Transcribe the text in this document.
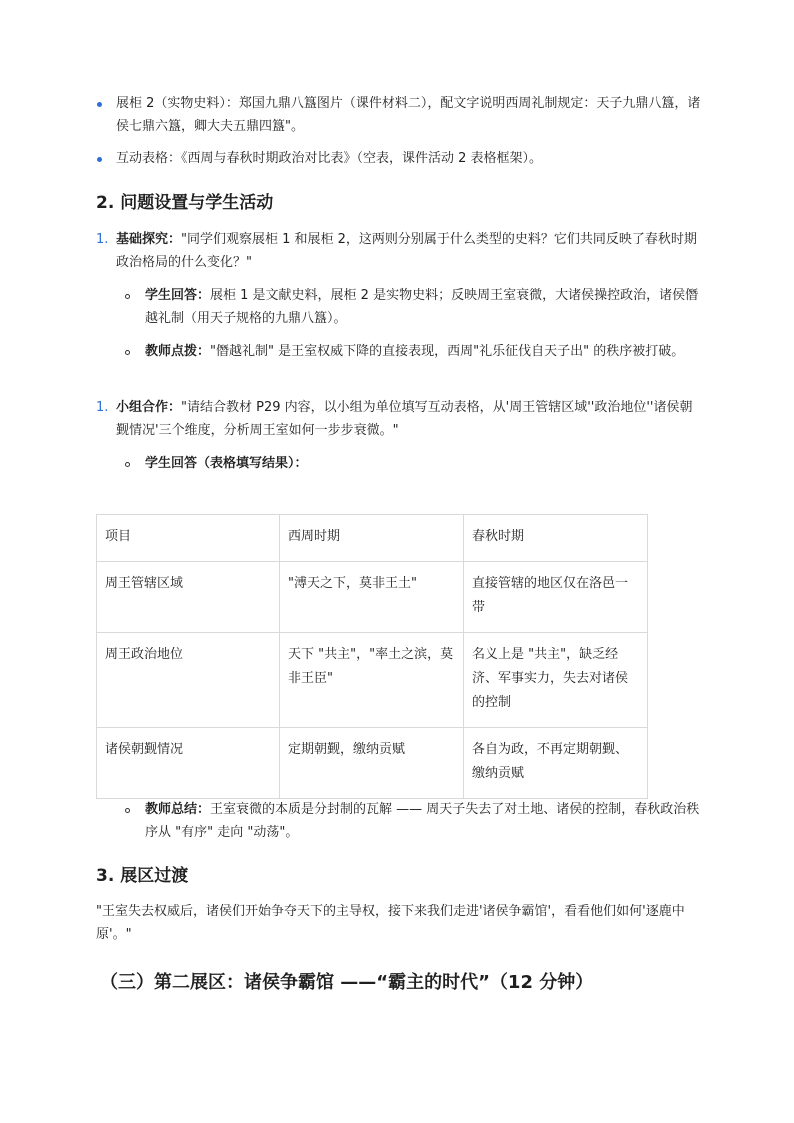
展柜 2（实物史料）：郑国九鼎八簋图片（课件材料二），配文字说明西周礼制规定：天子九鼎八簋，诸侯七鼎六簋，卿大夫五鼎四簋"。
互动表格：《西周与春秋时期政治对比表》（空表，课件活动 2 表格框架）。
2. 问题设置与学生活动
1. 基础探究："同学们观察展柜 1 和展柜 2，这两则分别属于什么类型的史料？它们共同反映了春秋时期政治格局的什么变化？"
学生回答：展柜 1 是文献史料，展柜 2 是实物史料；反映周王室衰微，大诸侯操控政治，诸侯僭越礼制（用天子规格的九鼎八簋）。
教师点拨："僭越礼制" 是王室权威下降的直接表现，西周"礼乐征伐自天子出" 的秩序被打破。
1. 小组合作："请结合教材 P29 内容，以小组为单位填写互动表格，从'周王管辖区域''政治地位''诸侯朝觐情况'三个维度，分析周王室如何一步步衰微。"
学生回答（表格填写结果）：
项目	西周时期	春秋时期
周王管辖区域	"溥天之下，莫非王土"	直接管辖的地区仅在洛邑一带
周王政治地位	天下 "共主"，"率土之滨，莫非王臣"	名义上是 "共主"，缺乏经济、军事实力，失去对诸侯的控制
诸侯朝觐情况	定期朝觐，缴纳贡赋	各自为政，不再定期朝觐、缴纳贡赋
教师总结：王室衰微的本质是分封制的瓦解 —— 周天子失去了对土地、诸侯的控制，春秋政治秩序从 "有序" 走向 "动荡"。
3. 展区过渡
"王室失去权威后，诸侯们开始争夺天下的主导权，接下来我们走进'诸侯争霸馆'，看看他们如何'逐鹿中原'。"
（三）第二展区：诸侯争霸馆 ——“霸主的时代”（12 分钟）
